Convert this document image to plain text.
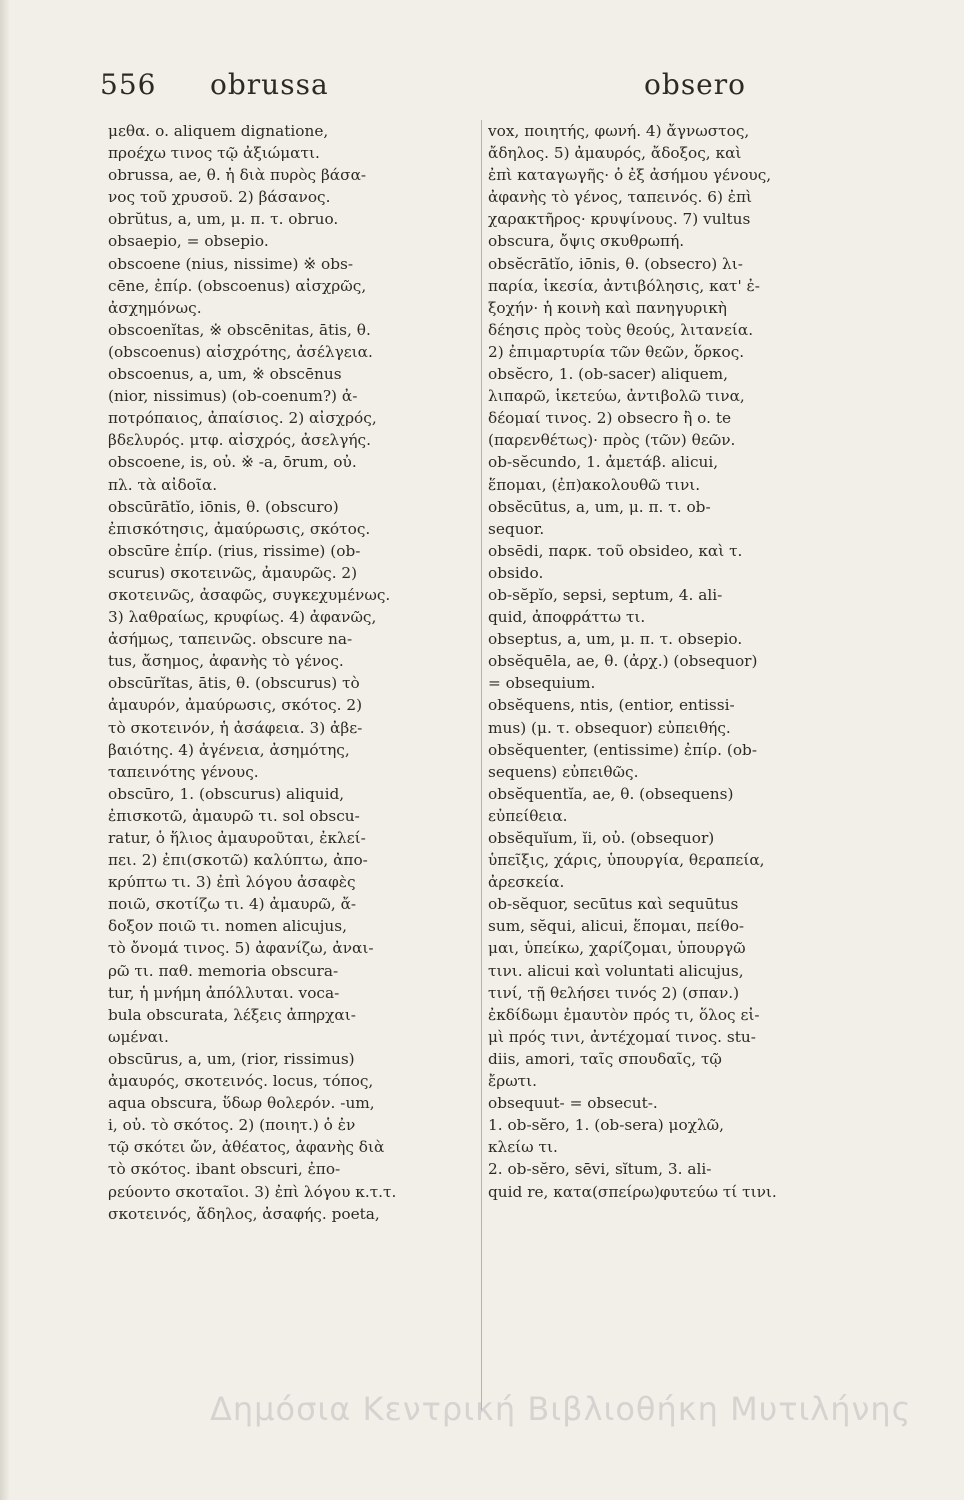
556 obrussa	obsero
μεθα. o. aliquem dignatione,
προέχω τινος τῷ ἀξιώματι.
obrussa, ae, θ. ἡ διὰ πυρὸς βάσα-
νος τοῦ χρυσοῦ. 2) βάσανος.
obrŭtus, a, um, μ. π. τ. obruo.
obsaepio, = obsepio.
obscoene (nius, nissime) ※ obs-
cēne, ἐπίρ. (obscoenus) αἰσχρῶς,
ἀσχημόνως.
obscoenĭtas, ※ obscēnitas, ātis, θ.
(obscoenus) αἰσχρότης, ἀσέλγεια.
obscoenus, a, um, ※ obscēnus
(nior, nissimus) (ob-coenum?) ἀ-
ποτρόπαιος, ἀπαίσιος. 2) αἰσχρός,
βδελυρός. μτφ. αἰσχρός, ἀσελγής.
obscoene, is, οὐ. ※ -a, ōrum, οὐ.
πλ. τὰ αἰδοῖα.
obscūrātĭo, iōnis, θ. (obscuro)
ἐπισκότησις, ἀμαύρωσις, σκότος.
obscūre ἐπίρ. (rius, rissime) (ob-
scurus) σκοτεινῶς, ἀμαυρῶς. 2)
σκοτεινῶς, ἀσαφῶς, συγκεχυμένως.
3) λαθραίως, κρυφίως. 4) ἀφανῶς,
ἀσήμως, ταπεινῶς. obscure na-
tus, ἄσημος, ἀφανὴς τὸ γένος.
obscūrĭtas, ātis, θ. (obscurus) τὸ
ἀμαυρόν, ἀμαύρωσις, σκότος. 2)
τὸ σκοτεινόν, ἡ ἀσάφεια. 3) ἀβε-
βαιότης. 4) ἀγένεια, ἀσημότης,
ταπεινότης γένους.
obscūro, 1. (obscurus) aliquid,
ἐπισκοτῶ, ἀμαυρῶ τι. sol obscu-
ratur, ὁ ἥλιος ἀμαυροῦται, ἐκλεί-
πει. 2) ἐπι(σκοτῶ) καλύπτω, ἀπο-
κρύπτω τι. 3) ἐπὶ λόγου ἀσαφὲς
ποιῶ, σκοτίζω τι. 4) ἀμαυρῶ, ἄ-
δοξον ποιῶ τι. nomen alicujus,
τὸ ὄνομά τινος. 5) ἀφανίζω, ἀναι-
ρῶ τι. παθ. memoria obscura-
tur, ἡ μνήμη ἀπόλλυται. voca-
bula obscurata, λέξεις ἀπηρχαι-
ωμέναι.
obscūrus, a, um, (rior, rissimus)
ἀμαυρός, σκοτεινός. locus, τόπος,
aqua obscura, ὕδωρ θολερόν. -um,
i, οὐ. τὸ σκότος. 2) (ποιητ.) ὁ ἐν
τῷ σκότει ὤν, ἀθέατος, ἀφανὴς διὰ
τὸ σκότος. ibant obscuri, ἐπο-
ρεύοντο σκοταῖοι. 3) ἐπὶ λόγου κ.τ.τ.
σκοτεινός, ἄδηλος, ἀσαφής. poeta,
vox, ποιητής, φωνή. 4) ἄγνωστος,
ἄδηλος. 5) ἀμαυρός, ἄδοξος, καὶ
ἐπὶ καταγωγῆς· ὁ ἐξ ἀσήμου γένους,
ἀφανὴς τὸ γένος, ταπεινός. 6) ἐπὶ
χαρακτῆρος· κρυψίνους. 7) vultus
obscura, ὄψις σκυθρωπή.
obsĕcrātĭo, iōnis, θ. (obsecro) λι-
παρία, ἱκεσία, ἀντιβόλησις, κατ' ἐ-
ξοχήν· ἡ κοινὴ καὶ πανηγυρικὴ
δέησις πρὸς τοὺς θεούς, λιτανεία.
2) ἐπιμαρτυρία τῶν θεῶν, ὅρκος.
obsĕcro, 1. (ob-sacer) aliquem,
λιπαρῶ, ἱκετεύω, ἀντιβολῶ τινα,
δέομαί τινος. 2) obsecro ἢ o. te
(παρενθέτως)· πρὸς (τῶν) θεῶν.
ob-sĕcundo, 1. ἀμετάβ. alicui,
ἕπομαι, (ἐπ)ακολουθῶ τινι.
obsĕcūtus, a, um, μ. π. τ. ob-
sequor.
obsēdi, παρκ. τοῦ obsideo, καὶ τ.
obsido.
ob-sĕpĭo, sepsi, septum, 4. ali-
quid, ἀποφράττω τι.
obseptus, a, um, μ. π. τ. obsepio.
obsĕquēla, ae, θ. (ἀρχ.) (obsequor)
= obsequium.
obsĕquens, ntis, (entior, entissi-
mus) (μ. τ. obsequor) εὐπειθής.
obsĕquenter, (entissime) ἐπίρ. (ob-
sequens) εὐπειθῶς.
obsĕquentĭa, ae, θ. (obsequens)
εὐπείθεια.
obsĕquĭum, ĭi, οὐ. (obsequor)
ὑπεῖξις, χάρις, ὑπουργία, θεραπεία,
ἀρεσκεία.
ob-sĕquor, secūtus καὶ sequūtus
sum, sĕqui, alicui, ἕπομαι, πείθο-
μαι, ὑπείκω, χαρίζομαι, ὑπουργῶ
τινι. alicui καὶ voluntati alicujus,
τινί, τῇ θελήσει τινός 2) (σπαν.)
ἐκδίδωμι ἐμαυτὸν πρός τι, ὅλος εἰ-
μὶ πρός τινι, ἀντέχομαί τινος. stu-
diis, amori, ταῖς σπουδαῖς, τῷ
ἔρωτι.
obsequut- = obsecut-.
1. ob-sĕro, 1. (ob-sera) μοχλῶ,
κλείω τι.
2. ob-sĕro, sēvi, sĭtum, 3. ali-
quid re, κατα(σπείρω)φυτεύω τί τινι.
Δημόσια Κεντρική Βιβλιοθήκη Μυτιλήνης
